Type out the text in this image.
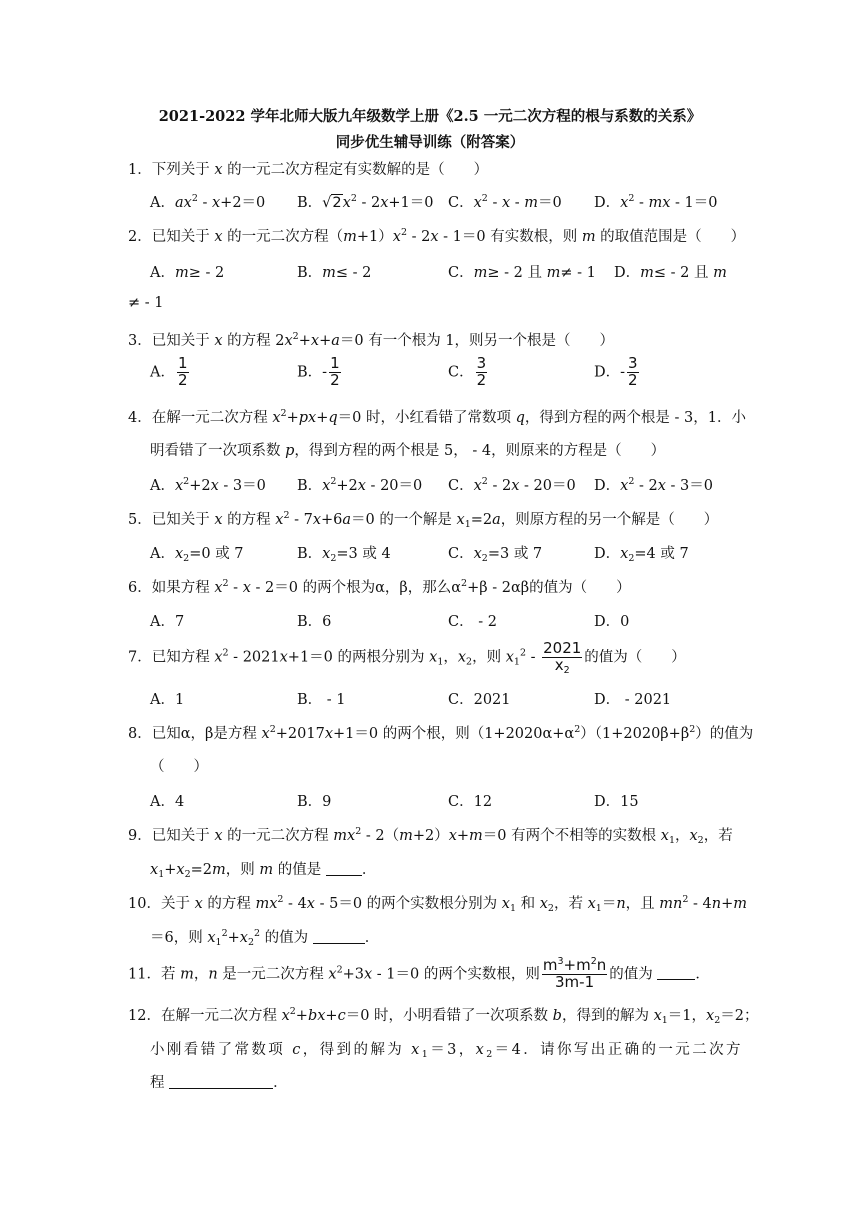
2021-2022 学年北师大版九年级数学上册《2.5 一元二次方程的根与系数的关系》
同步优生辅导训练（附答案）
1．下列关于 x 的一元二次方程定有实数解的是（　　）
A．$ax^2 - x+2=0$ B．$√2x^2 - 2x+1=0$ C．$x^2 - x - m=0$ D．$x^2$ - mx - 1＝0
2．已知关于 x 的一元二次方程$(m+1)x^2 - 2x - 1=0$ 有实数根，则 m 的取值范围是（　　）
A．m≥ - 2	B．m≤ - 2	C．m≥ - 2 且 m≠ - 1 D．m≤ - 2 且 m
≠ - 1
3．已知关于 x 的方程 $2x^2+x+a=0$ 有一个根为 1，则另一个根是（　　）
A． $\frac{1}{2}$	B．- $\frac{1}{2}$	C． $\frac{3}{2}$	D．- $\frac{3}{2}$
4．在解一元二次方程 $x^2+px+q=0$ 时，小红看错了常数项 q，得到方程的两个根是 - 3，1．小
明看错了一次项系数 p，得到方程的两个根是 5， - 4，则原来的方程是（　　）
A．$x^2+2x - 3=0$ B．$x^2+2x - 20=0$ C．$x^2 - 2x - 20=0$ D．$x^2 - 2x - 3=0$
5．已知关于 x 的方程 $x^2 - 7x+6a=0$ 的一个解是 $x_1=2a$，则原方程的另一个解是（　　）
A．$x_2=0$ 或 7	B．$x_2=3$ 或 4	C．$x_2=3$ 或 7	D．$x_2=4$ 或 7
6．如果方程 $x^2 - x - 2=0$ 的两个根为α，β，那么$\alpha^2+\beta - 2\alpha\beta$的值为（　　）
A．7	B．6	C． - 2	D．0
7．已知方程 $x^2 - 2021x+1=0$ 的两根分别为 $x_1$，$x_2$，则 $x_1^2 - \frac{2021}{x_2}$ 的值为（　　）
A．1	B． - 1	C．2021	D． - 2021
8．已知α，β是方程 $x^2+2017x+1=0$ 的两个根，则$(1+2020\alpha+\alpha^2)(1+2020\beta+\beta^2)$的值为
（　　）
A．4	B．9	C．12	D．15
9．已知关于 x 的一元二次方程 $mx^2 - 2(m+2)x+m=0$ 有两个不相等的实数根 $x_1$，$x_2$，若
$x_1+x_2=2m$，则 m 的值是 ．
10．关于 x 的方程 $mx^2 - 4x - 5=0$ 的两个实数根分别为 $x_1$ 和 $x_2$，若 $x_1=n$，且 $mn^2 - 4n+m$
＝6，则 $x_1^2+x_2^2$ 的值为	．
11．若 m，n 是一元二次方程 $x^2+3x - 1=0$ 的两个实数根，则 $\frac{m^3+m^2n}{3m-1}$ 的值为	．
12．在解一元二次方程 $x^2+bx+c=0$ 时，小明看错了一次项系数 b，得到的解为 $x_1=1$，$x_2=2$；
小刚看错了常数项 c，得到的解为 $x_1=3$，$x_2=4$．请你写出正确的一元二次方
程	．
